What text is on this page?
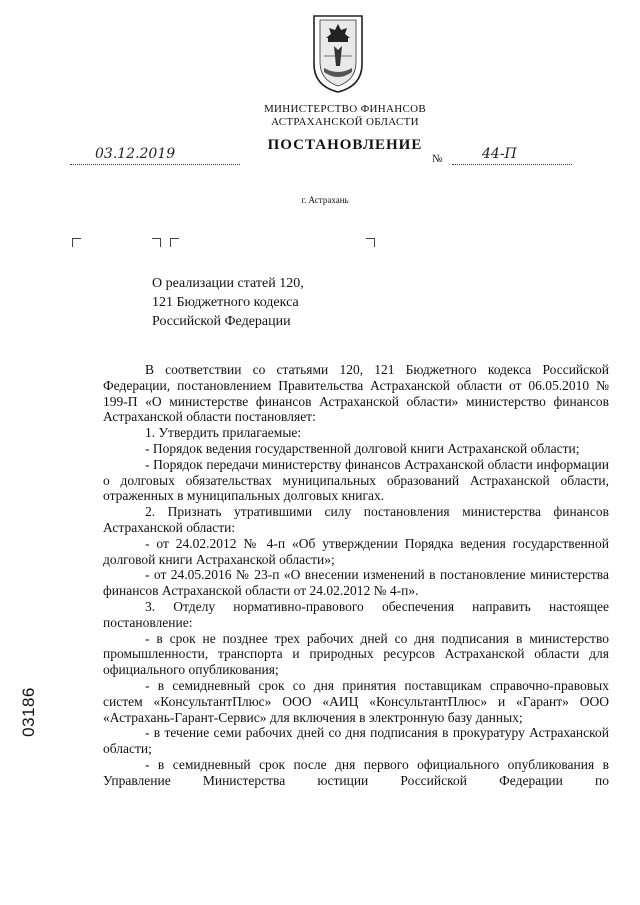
МИНИСТЕРСТВО ФИНАНСОВ
АСТРАХАНСКОЙ ОБЛАСТИ
ПОСТАНОВЛЕНИЕ
03.12.2019	№	44-П
г. Астрахань
О реализации статей 120,
121 Бюджетного кодекса
Российской Федерации

В соответствии со статьями 120, 121 Бюджетного кодекса Российской Федерации, постановлением Правительства Астраханской области от 06.05.2010 № 199-П «О министерстве финансов Астраханской области» министерство финансов Астраханской области постановляет:

1. Утвердить прилагаемые:

- Порядок ведения государственной долговой книги Астраханской области;

- Порядок передачи министерству финансов Астраханской области информации о долговых обязательствах муниципальных образований Астраханской области, отраженных в муниципальных долговых книгах.

2. Признать утратившими силу постановления министерства финансов Астраханской области:

- от 24.02.2012 № 4-п «Об утверждении Порядка ведения государственной долговой книги Астраханской области»;

- от 24.05.2016 № 23-п «О внесении изменений в постановление министерства финансов Астраханской области от 24.02.2012 № 4-п».

3. Отделу нормативно-правового обеспечения направить настоящее постановление:

- в срок не позднее трех рабочих дней со дня подписания в министерство промышленности, транспорта и природных ресурсов Астраханской области для официального опубликования;

- в семидневный срок со дня принятия поставщикам справочно-правовых систем «КонсультантПлюс» ООО «АИЦ «КонсультантПлюс» и «Гарант» ООО «Астрахань-Гарант-Сервис» для включения в электронную базу данных;

- в течение семи рабочих дней со дня подписания в прокуратуру Астраханской области;

- в семидневный срок после дня первого официального опубликования в Управление Министерства юстиции Российской Федерации по

03186
